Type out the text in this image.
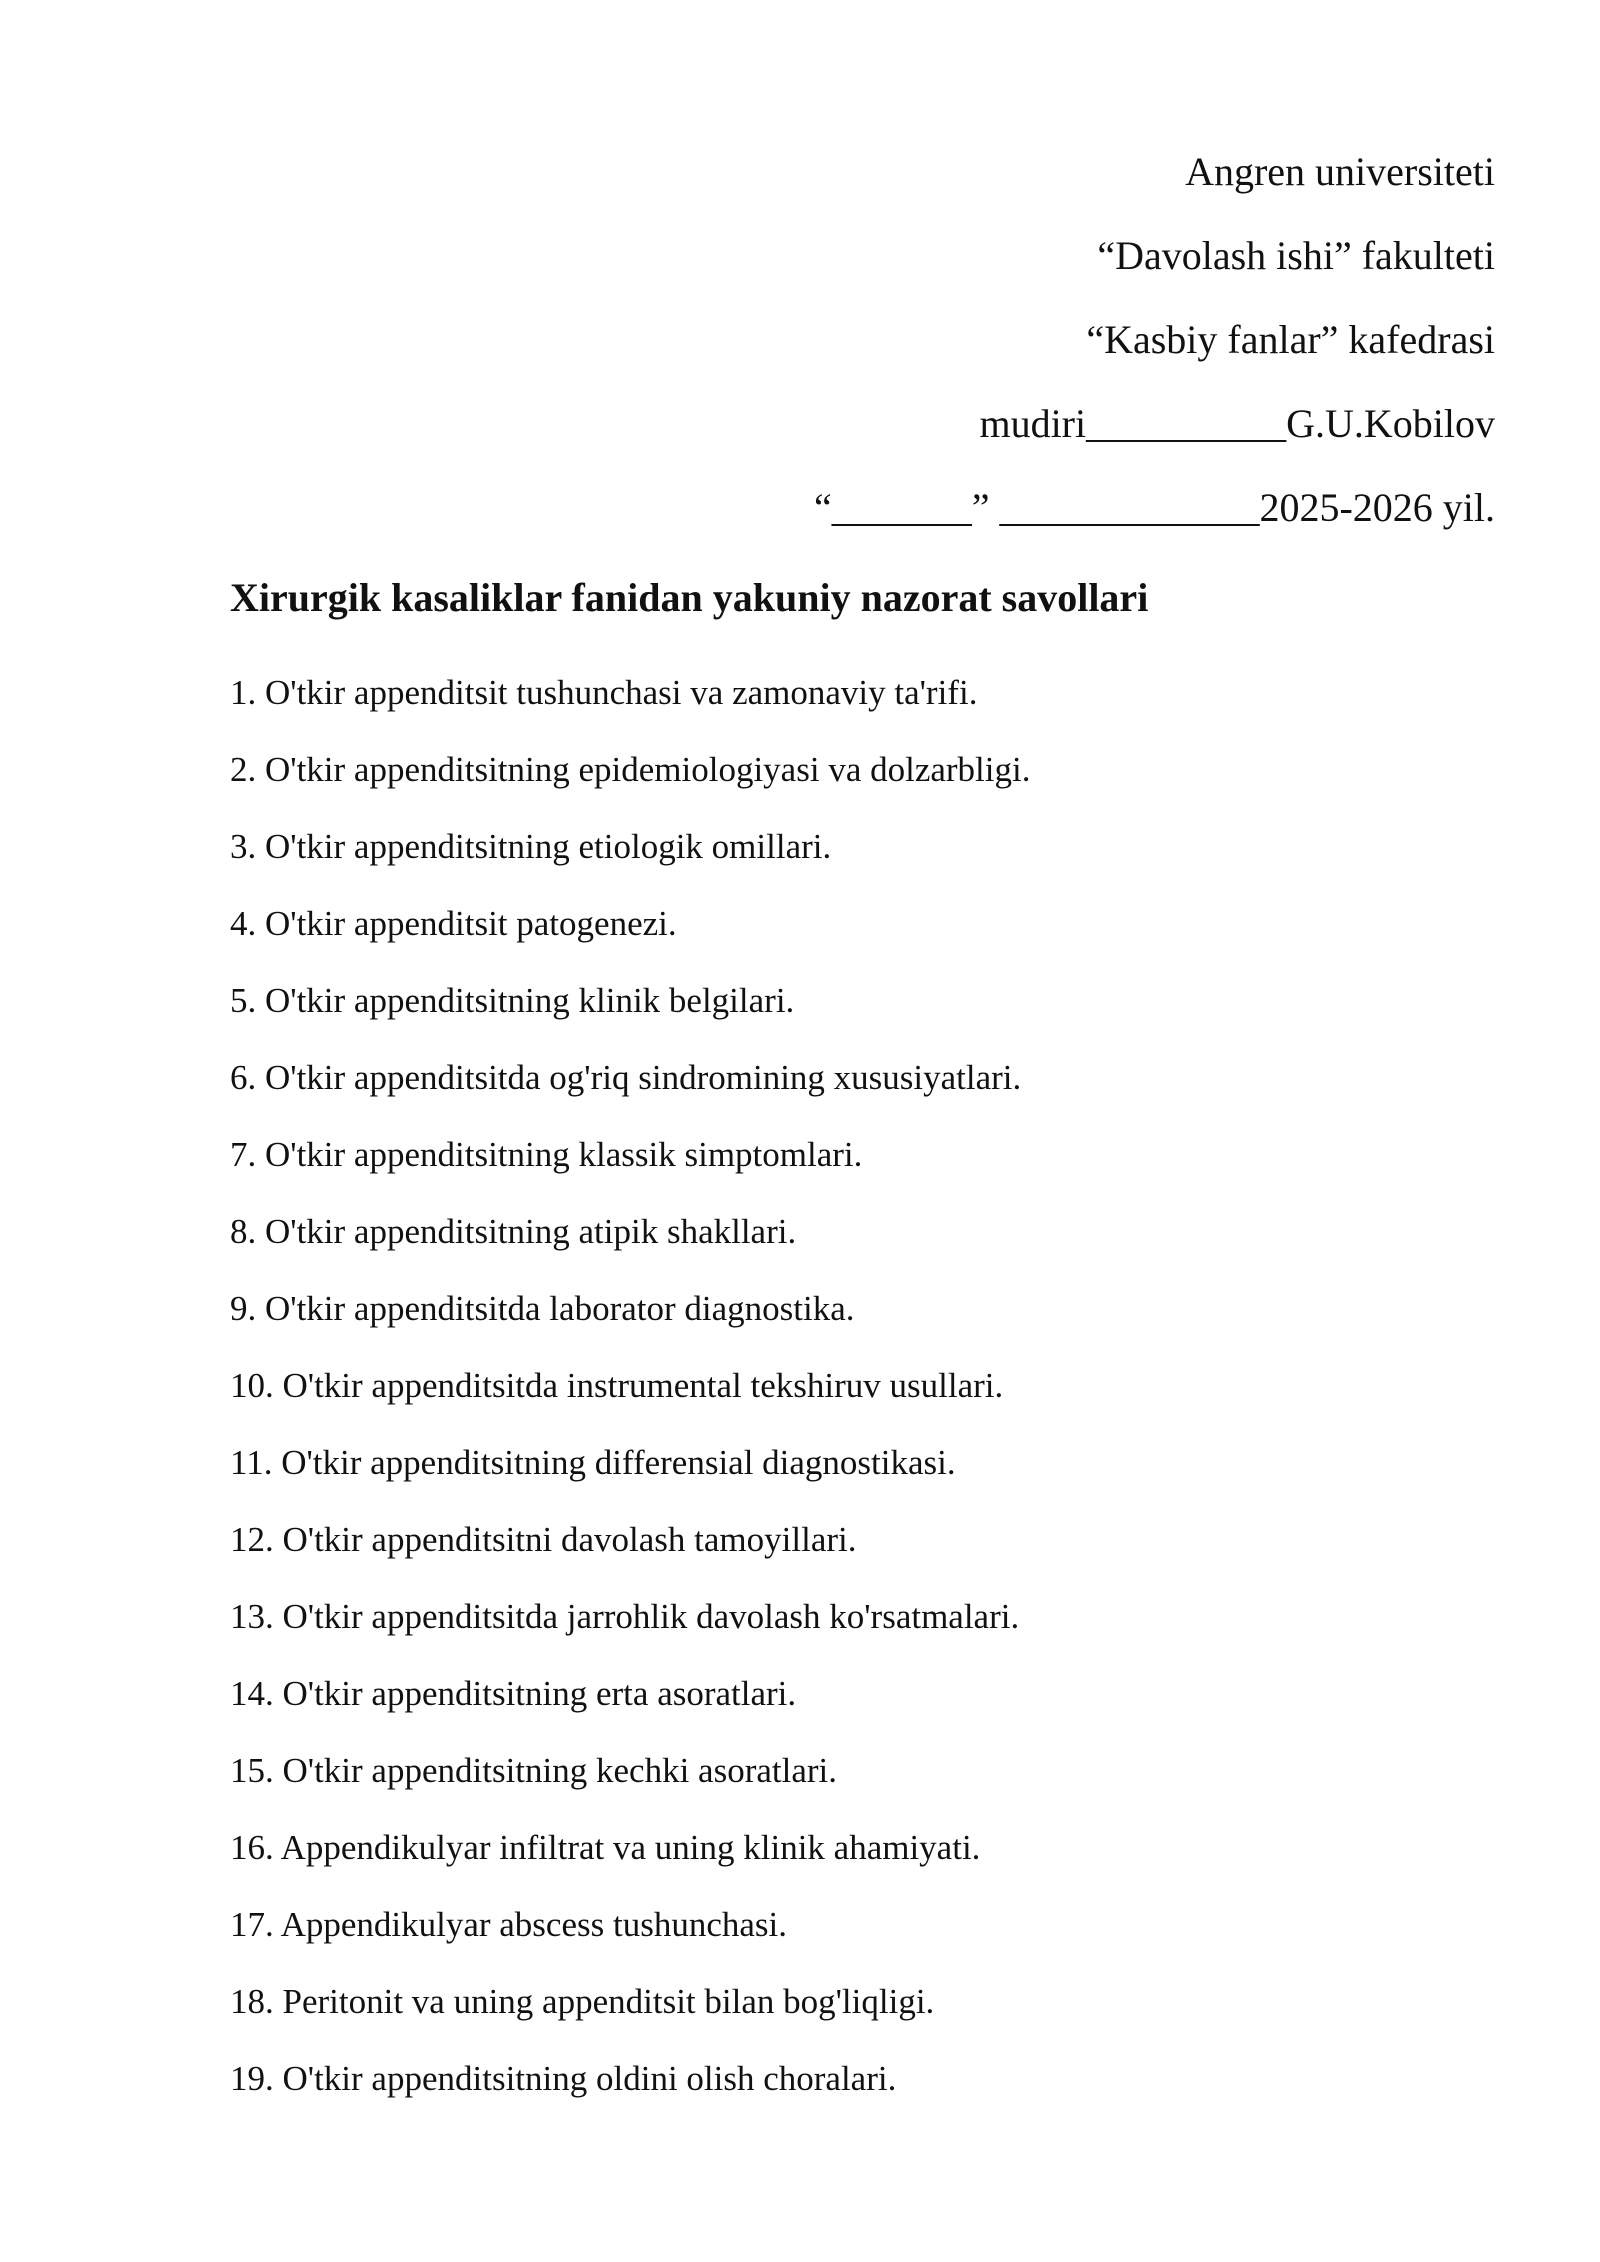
Angren universiteti
“Davolash ishi” fakulteti
“Kasbiy fanlar” kafedrasi
mudiri__________G.U.Kobilov
“_______” _____________2025-2026 yil.
Xirurgik kasaliklar fanidan yakuniy nazorat savollari
1. O'tkir appenditsit tushunchasi va zamonaviy ta'rifi.
2. O'tkir appenditsitning epidemiologiyasi va dolzarbligi.
3. O'tkir appenditsitning etiologik omillari.
4. O'tkir appenditsit patogenezi.
5. O'tkir appenditsitning klinik belgilari.
6. O'tkir appenditsitda og'riq sindromining xususiyatlari.
7. O'tkir appenditsitning klassik simptomlari.
8. O'tkir appenditsitning atipik shakllari.
9. O'tkir appenditsitda laborator diagnostika.
10. O'tkir appenditsitda instrumental tekshiruv usullari.
11. O'tkir appenditsitning differensial diagnostikasi.
12. O'tkir appenditsitni davolash tamoyillari.
13. O'tkir appenditsitda jarrohlik davolash ko'rsatmalari.
14. O'tkir appenditsitning erta asoratlari.
15. O'tkir appenditsitning kechki asoratlari.
16. Appendikulyar infiltrat va uning klinik ahamiyati.
17. Appendikulyar abscess tushunchasi.
18. Peritonit va uning appenditsit bilan bog'liqligi.
19. O'tkir appenditsitning oldini olish choralari.
